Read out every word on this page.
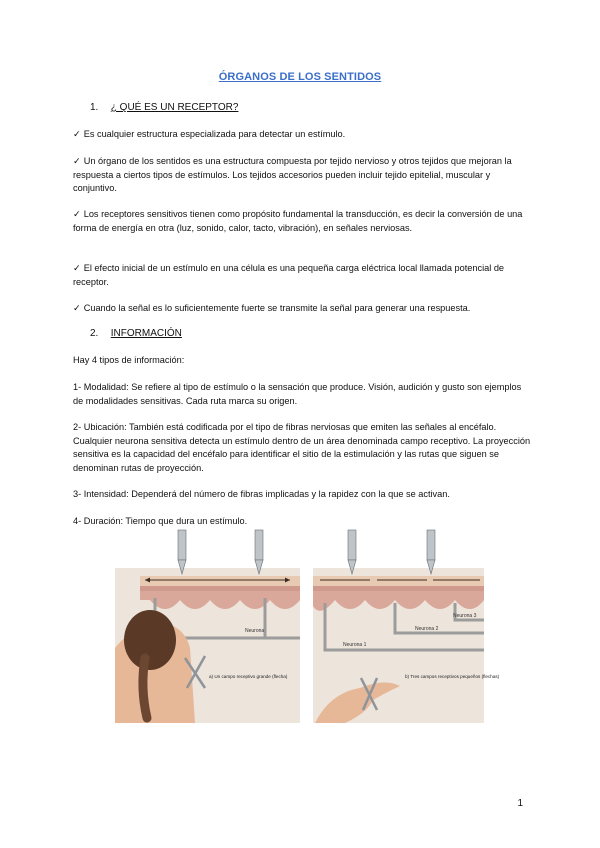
ÓRGANOS DE LOS SENTIDOS
1. ¿ QUÉ ES UN RECEPTOR?
✓ Es cualquier estructura especializada para detectar un estímulo.
✓ Un órgano de los sentidos es una estructura compuesta por tejido nervioso y otros tejidos que mejoran la respuesta a ciertos tipos de estímulos. Los tejidos accesorios pueden incluir tejido epitelial, muscular y conjuntivo.
✓ Los receptores sensitivos tienen como propósito fundamental la transducción, es decir la conversión de una forma de energía en otra (luz, sonido, calor, tacto, vibración), en señales nerviosas.
✓ El efecto inicial de un estímulo en una célula es una pequeña carga eléctrica local llamada potencial de receptor.
✓ Cuando la señal es lo suficientemente fuerte se transmite la señal para generar una respuesta.
2. INFORMACIÓN
Hay 4 tipos de información:
1- Modalidad: Se refiere al tipo de estímulo o la sensación que produce. Visión, audición y gusto son ejemplos de modalidades sensitivas. Cada ruta marca su origen.
2- Ubicación: También está codificada por el tipo de fibras nerviosas que emiten las señales al encéfalo. Cualquier neurona sensitiva detecta un estímulo dentro de un área denominada campo receptivo. La proyección sensitiva es la capacidad del encéfalo para identificar el sitio de la estimulación y las rutas que siguen se denominan rutas de proyección.
3- Intensidad: Dependerá del número de fibras implicadas y la rapidez con la que se activan.
4- Duración: Tiempo que dura un estímulo.
Neurona
Neurona 1
Neurona 2
Neurona 3
a) Un campo receptivo grande (flecha)	b) Tres campos receptivos pequeños (flechas)
1
